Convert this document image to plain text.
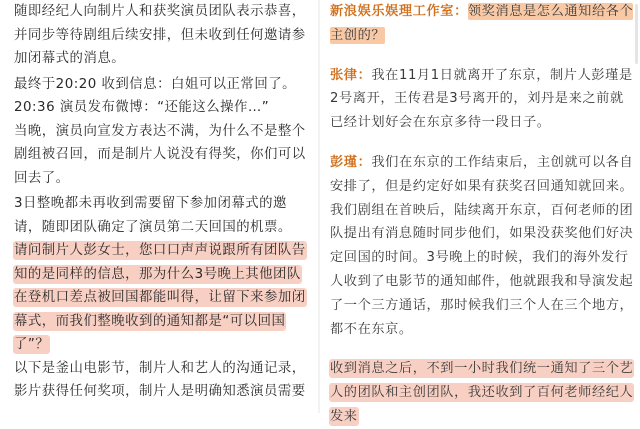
随即经纪人向制片人和获奖演员团队表示恭喜，并同步等待剧组后续安排，但未收到任何邀请参加闭幕式的消息。

最终于20:20 收到信息：白姐可以正常回了。

20:36 演员发布微博：“还能这么操作…”

当晚，演员向宣发方表达不满，为什么不是整个剧组被召回，而是制片人说没有得奖，你们可以回去了。

3日整晚都未再收到需要留下参加闭幕式的邀请，随即团队确定了演员第二天回国的机票。

请问制片人彭女士，您口口声声说跟所有团队告知的是同样的信息，那为什么3号晚上其他团队在登机口差点被回国都能叫得，让留下来参加闭幕式，而我们整晚收到的通知都是“可以回国了”？

以下是釜山电影节，制片人和艺人的沟通记录，影片获得任何奖项，制片人是明确知悉演员需要

新浪娱乐娱理工作室：领奖消息是怎么通知给各个主创的？

张律：我在11月1日就离开了东京，制片人彭瑾是2号离开，王传君是3号离开的，刘丹是来之前就已经计划好会在东京多待一段日子。

彭瑾：我们在东京的工作结束后，主创就可以各自安排了，但是约定好如果有获奖召回通知就回来。我们剧组在首映后，陆续离开东京，百何老师的团队提出有消息随时同步他们，如果没获奖他们好决定回国的时间。3号晚上的时候，我们的海外发行人收到了电影节的通知邮件，他就跟我和导演发起了一个三方通话，那时候我们三个人在三个地方，都不在东京。

收到消息之后，不到一小时我们统一通知了三个艺人的团队和主创团队，我还收到了百何老师经纪人发来
